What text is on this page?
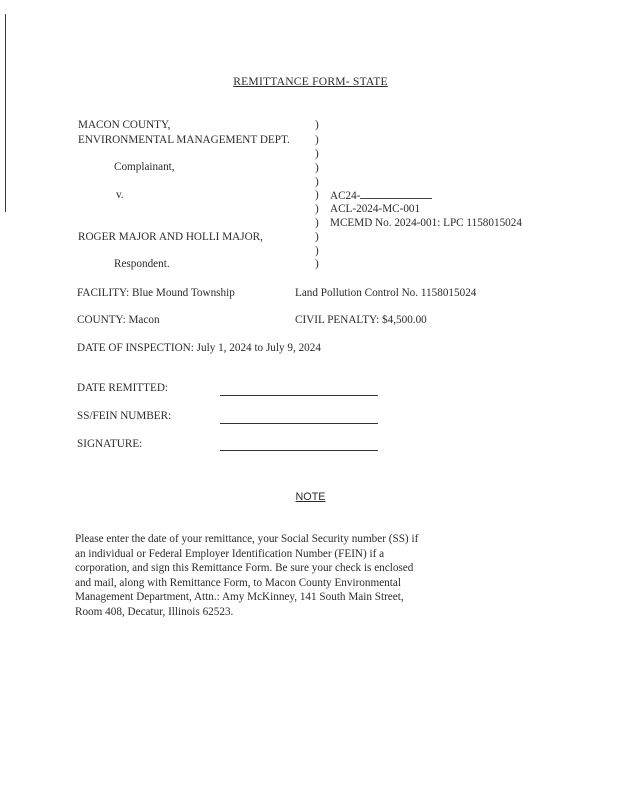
REMITTANCE FORM- STATE
MACON COUNTY,
ENVIRONMENTAL MANAGEMENT DEPT.
Complainant,
v.
ROGER MAJOR AND HOLLI MAJOR,
Respondent.
)
)
)
)
)
)
)
)
)
)
)
AC24-
ACL-2024-MC-001
MCEMD No. 2024-001: LPC 1158015024
FACILITY: Blue Mound Township	Land Pollution Control No. 1158015024
COUNTY: Macon	CIVIL PENALTY: $4,500.00
DATE OF INSPECTION: July 1, 2024 to July 9, 2024
DATE REMITTED:
SS/FEIN NUMBER:
SIGNATURE:
NOTE
Please enter the date of your remittance, your Social Security number (SS) if
an individual or Federal Employer Identification Number (FEIN) if a
corporation, and sign this Remittance Form. Be sure your check is enclosed
and mail, along with Remittance Form, to Macon County Environmental
Management Department, Attn.: Amy McKinney, 141 South Main Street,
Room 408, Decatur, Illinois 62523.
